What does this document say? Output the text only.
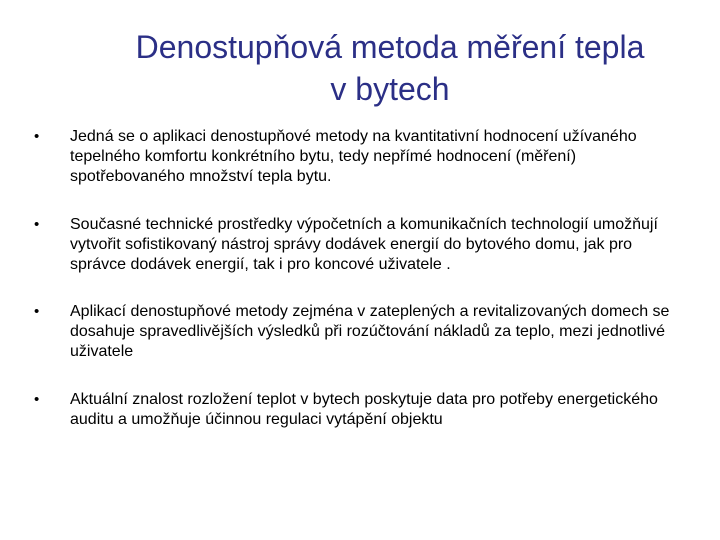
Denostupňová metoda měření tepla
v bytech
• Jedná se o aplikaci denostupňové metody na kvantitativní hodnocení užívaného tepelného komfortu konkrétního bytu, tedy nepřímé hodnocení (měření) spotřebovaného množství tepla bytu.

• Současné technické prostředky výpočetních a komunikačních technologií umožňují vytvořit sofistikovaný nástroj správy dodávek energií do bytového domu, jak pro správce dodávek energií, tak i pro koncové uživatele .

• Aplikací denostupňové metody zejména v zateplených a revitalizovaných domech se dosahuje spravedlivějších výsledků při rozúčtování nákladů za teplo, mezi jednotlivé uživatele

• Aktuální znalost rozložení teplot v bytech poskytuje data pro potřeby energetického auditu a umožňuje účinnou regulaci vytápění objektu
